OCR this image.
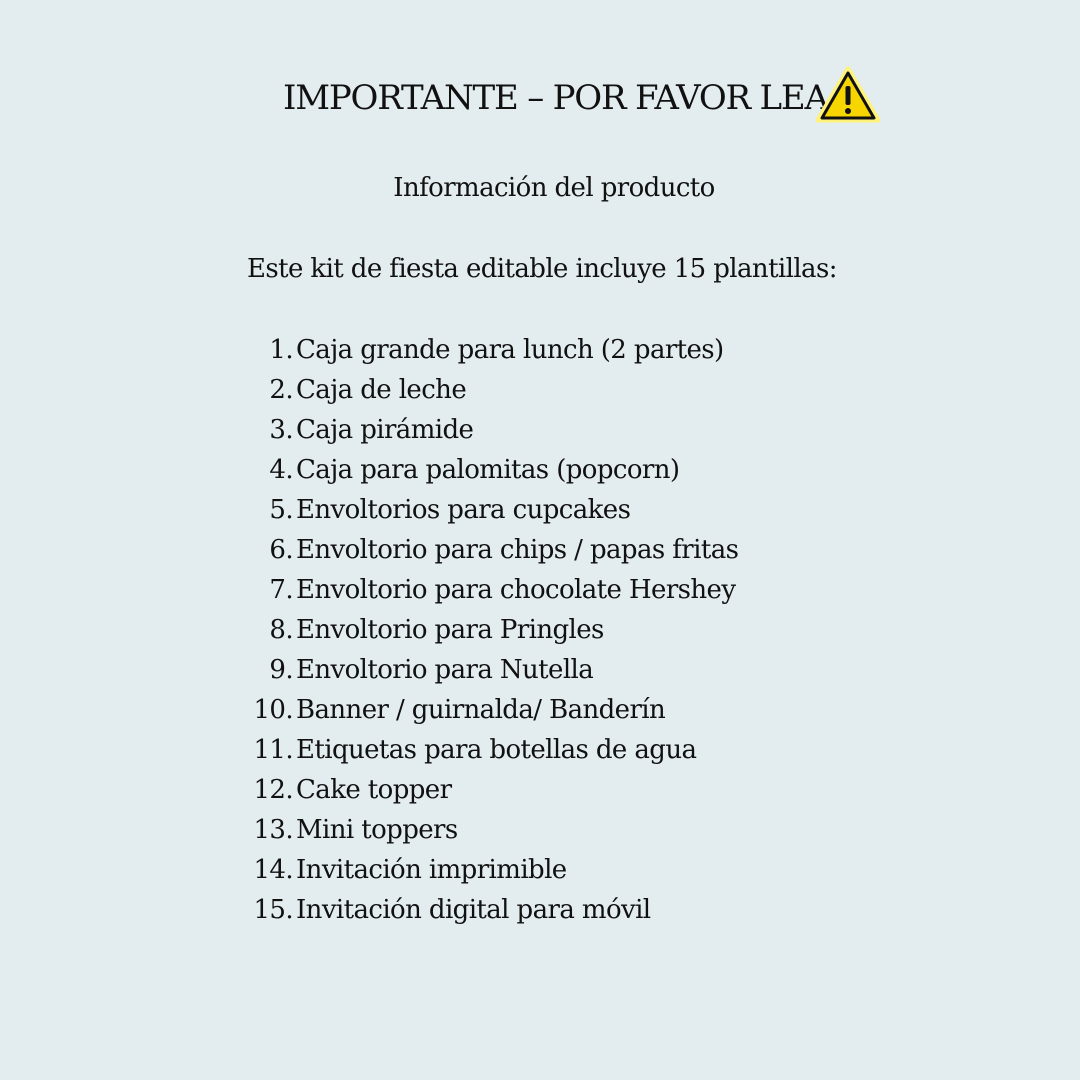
IMPORTANTE – POR FAVOR LEA
Información del producto
Este kit de fiesta editable incluye 15 plantillas:
1. Caja grande para lunch (2 partes)
2. Caja de leche
3. Caja pirámide
4. Caja para palomitas (popcorn)
5. Envoltorios para cupcakes
6. Envoltorio para chips / papas fritas
7. Envoltorio para chocolate Hershey
8. Envoltorio para Pringles
9. Envoltorio para Nutella
10. Banner / guirnalda/ Banderín
11. Etiquetas para botellas de agua
12. Cake topper
13. Mini toppers
14. Invitación imprimible
15. Invitación digital para móvil
